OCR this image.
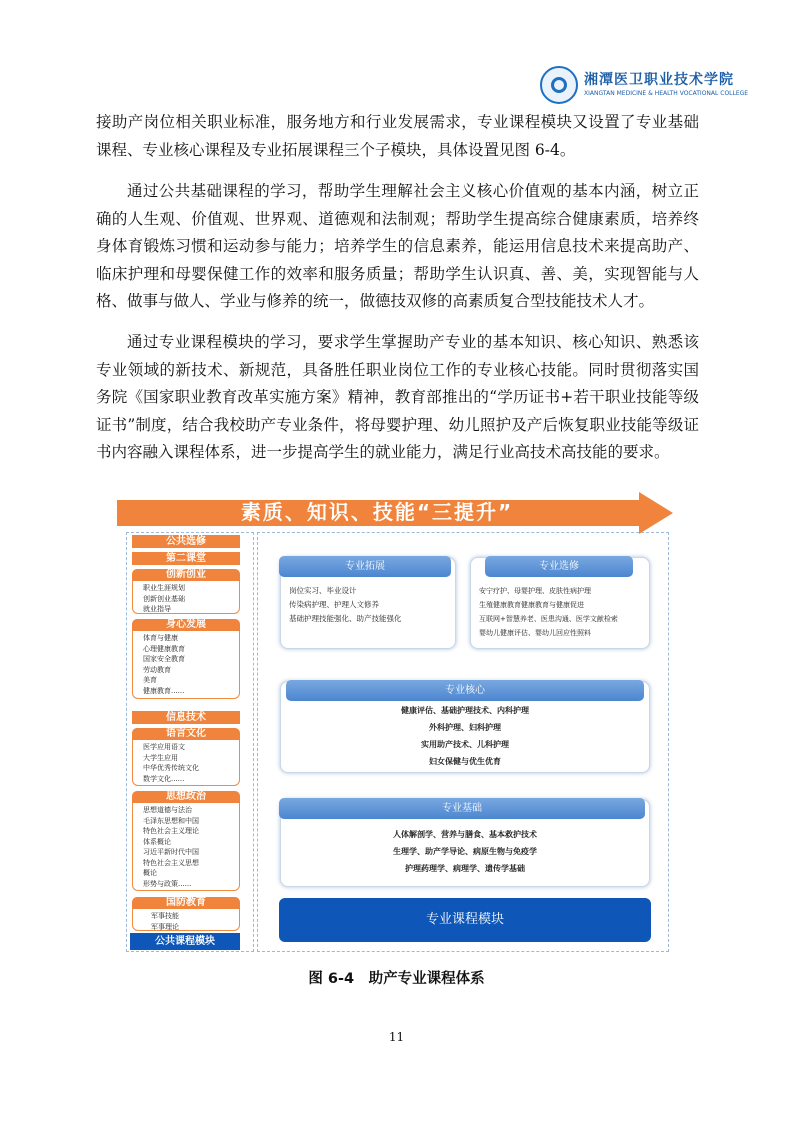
湘潭医卫职业技术学院
XIANGTAN MEDICINE & HEALTH VOCATIONAL COLLEGE

接助产岗位相关职业标准，服务地方和行业发展需求，专业课程模块又设置了专业基础课程、专业核心课程及专业拓展课程三个子模块，具体设置见图 6-4。

通过公共基础课程的学习，帮助学生理解社会主义核心价值观的基本内涵，树立正确的人生观、价值观、世界观、道德观和法制观；帮助学生提高综合健康素质，培养终身体育锻炼习惯和运动参与能力；培养学生的信息素养，能运用信息技术来提高助产、临床护理和母婴保健工作的效率和服务质量；帮助学生认识真、善、美，实现智能与人格、做事与做人、学业与修养的统一，做德技双修的高素质复合型技能技术人才。

通过专业课程模块的学习，要求学生掌握助产专业的基本知识、核心知识、熟悉该专业领域的新技术、新规范，具备胜任职业岗位工作的专业核心技能。同时贯彻落实国务院《国家职业教育改革实施方案》精神，教育部推出的“学历证书+若干职业技能等级证书”制度，结合我校助产专业条件，将母婴护理、幼儿照护及产后恢复职业技能等级证书内容融入课程体系，进一步提高学生的就业能力，满足行业高技术高技能的要求。

素质、知识、技能“三提升”
公共选修
第二课堂
创新创业
职业生涯规划
创新创业基础
就业指导
身心发展
体育与健康
心理健康教育
国家安全教育
劳动教育
美育
健康教育......
信息技术
语言文化
医学应用语文
大学生应用
中华优秀传统文化
数学文化......
思想政治
思想道德与法治
毛泽东思想和中国
特色社会主义理论
体系概论
习近平新时代中国
特色社会主义思想
概论
形势与政策......
国防教育
军事技能
军事理论
公共课程模块
专业拓展
岗位实习、毕业设计
传染病护理、护理人文修养
基础护理技能强化、助产技能强化
专业选修
安宁疗护、母婴护理、皮肤性病护理
生殖健康教育健康教育与健康促进
互联网+智慧养老、医患沟通、医学文献检索
婴幼儿健康评估、婴幼儿回应性照料
专业核心
健康评估、基础护理技术、内科护理
外科护理、妇科护理
实用助产技术、儿科护理
妇女保健与优生优育
专业基础
人体解剖学、营养与膳食、基本救护技术
生理学、助产学导论、病原生物与免疫学
护理药理学、病理学、遗传学基础
专业课程模块
图 6-4　助产专业课程体系
11
